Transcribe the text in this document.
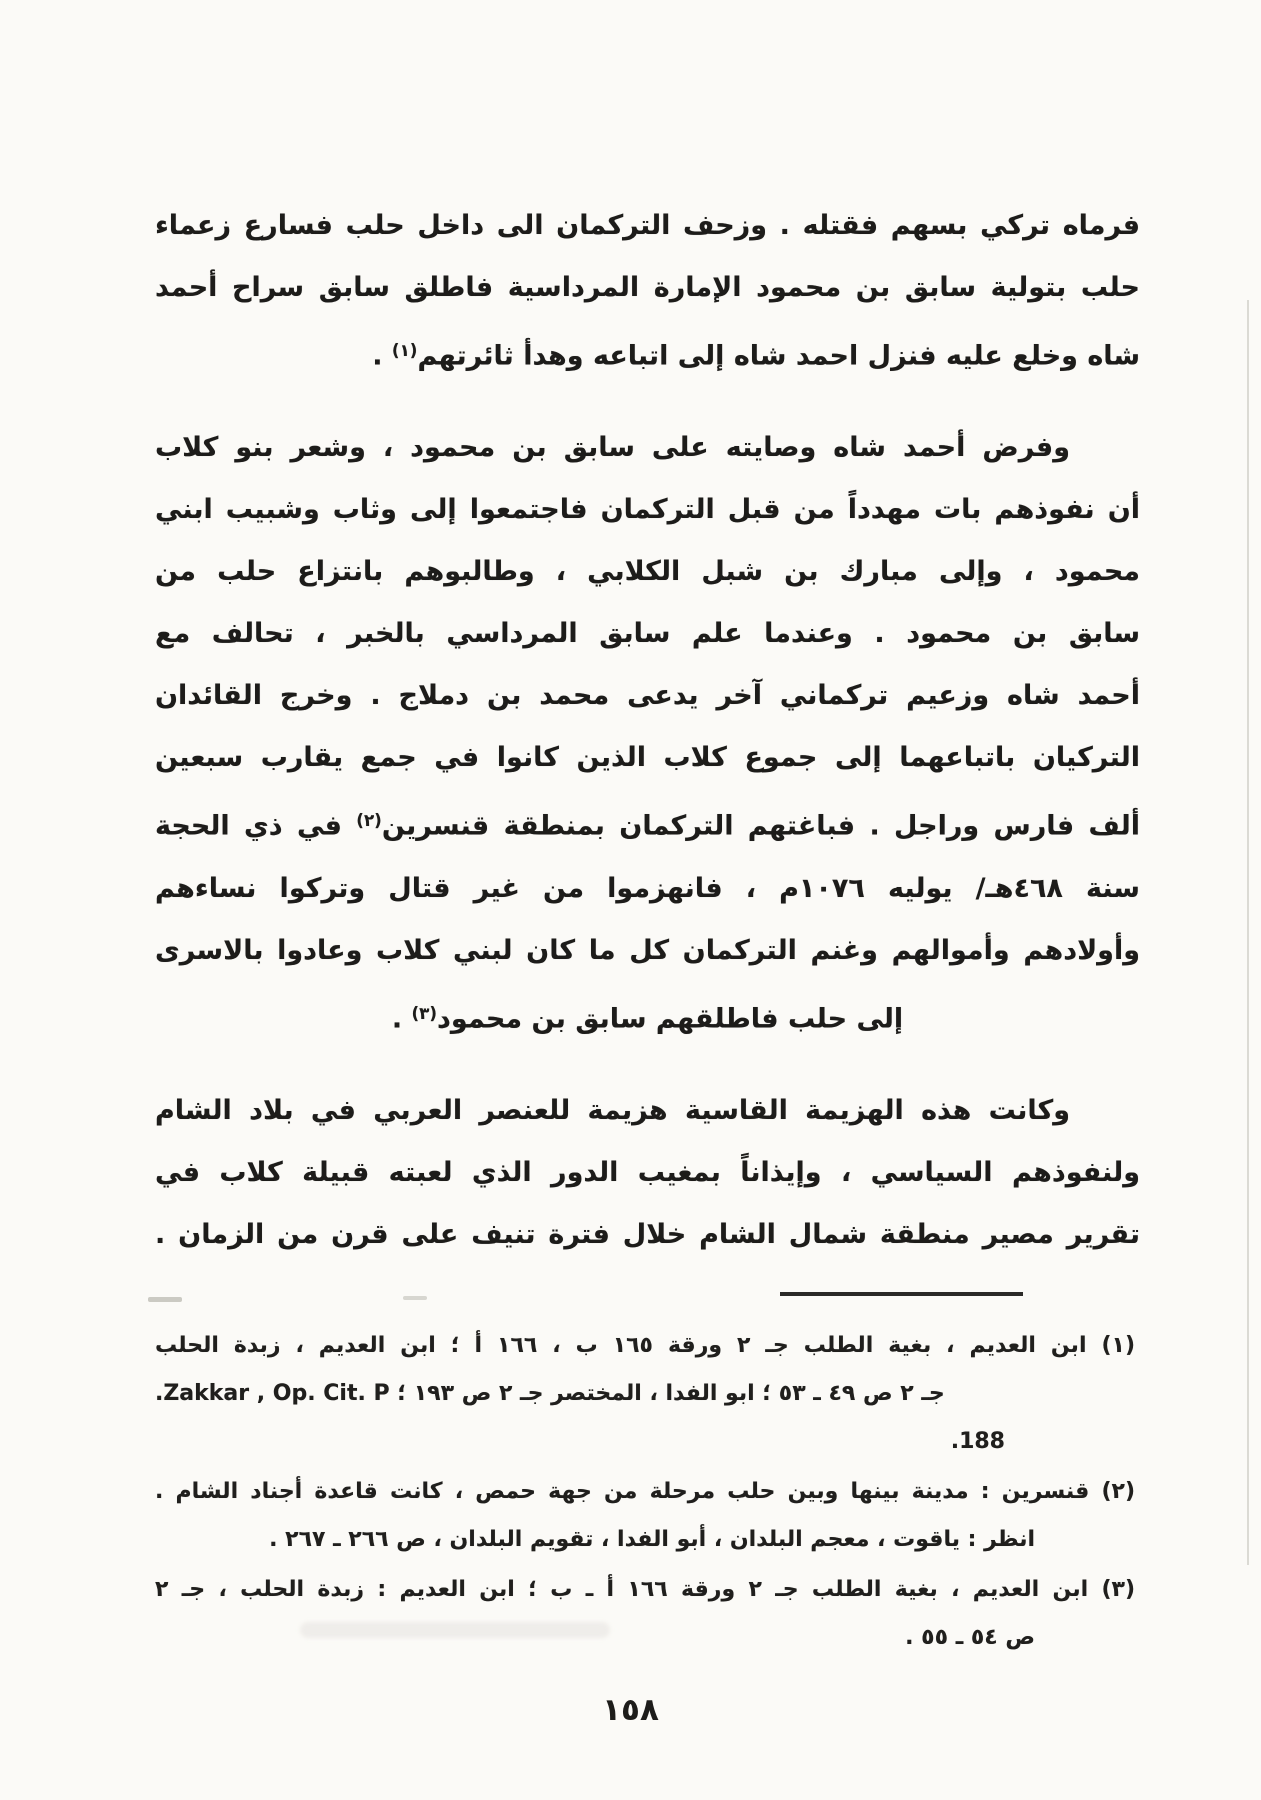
فرماه تركي بسهم فقتله . وزحف التركمان الى داخل حلب فسارع زعماء
حلب بتولية سابق بن محمود الإمارة المرداسية فاطلق سابق سراح أحمد
شاه وخلع عليه فنزل احمد شاه إلى اتباعه وهدأ ثائرتهم$^{(١)}$ .
وفرض أحمد شاه وصايته على سابق بن محمود ، وشعر بنو كلاب
أن نفوذهم بات مهدداً من قبل التركمان فاجتمعوا إلى وثاب وشبيب ابني
محمود ، وإلى مبارك بن شبل الكلابي ، وطالبوهم بانتزاع حلب من
سابق بن محمود . وعندما علم سابق المرداسي بالخبر ، تحالف مع
أحمد شاه وزعيم تركماني آخر يدعى محمد بن دملاج . وخرج القائدان
التركيان باتباعهما إلى جموع كلاب الذين كانوا في جمع يقارب سبعين
ألف فارس وراجل . فباغتهم التركمان بمنطقة قنسرين$^{(٢)}$ في ذي الحجة
سنة ٤٦٨هـ/ يوليه ١٠٧٦م ، فانهزموا من غير قتال وتركوا نساءهم
وأولادهم وأموالهم وغنم التركمان كل ما كان لبني كلاب وعادوا بالاسرى
إلى حلب فاطلقهم سابق بن محمود$^{(٣)}$ .
وكانت هذه الهزيمة القاسية هزيمة للعنصر العربي في بلاد الشام
ولنفوذهم السياسي ، وإيذاناً بمغيب الدور الذي لعبته قبيلة كلاب في
تقرير مصير منطقة شمال الشام خلال فترة تنيف على قرن من الزمان .
(١) ابن العديم ، بغية الطلب جـ ٢ ورقة ١٦٥ ب ، ١٦٦ أ ؛ ابن العديم ، زبدة الحلب
جـ ٢ ص ٤٩ ـ ٥٣ ؛ ابو الفدا ، المختصر جـ ٢ ص ١٩٣ ؛ Zakkar , Op. Cit. P.
188.
(٢) قنسرين : مدينة بينها وبين حلب مرحلة من جهة حمص ، كانت قاعدة أجناد الشام .
انظر : ياقوت ، معجم البلدان ، أبو الفدا ، تقويم البلدان ، ص ٢٦٦ ـ ٢٦٧ .
(٣) ابن العديم ، بغية الطلب جـ ٢ ورقة ١٦٦ أ ـ ب ؛ ابن العديم : زبدة الحلب ، جـ ٢
ص ٥٤ ـ ٥٥ .
١٥٨
